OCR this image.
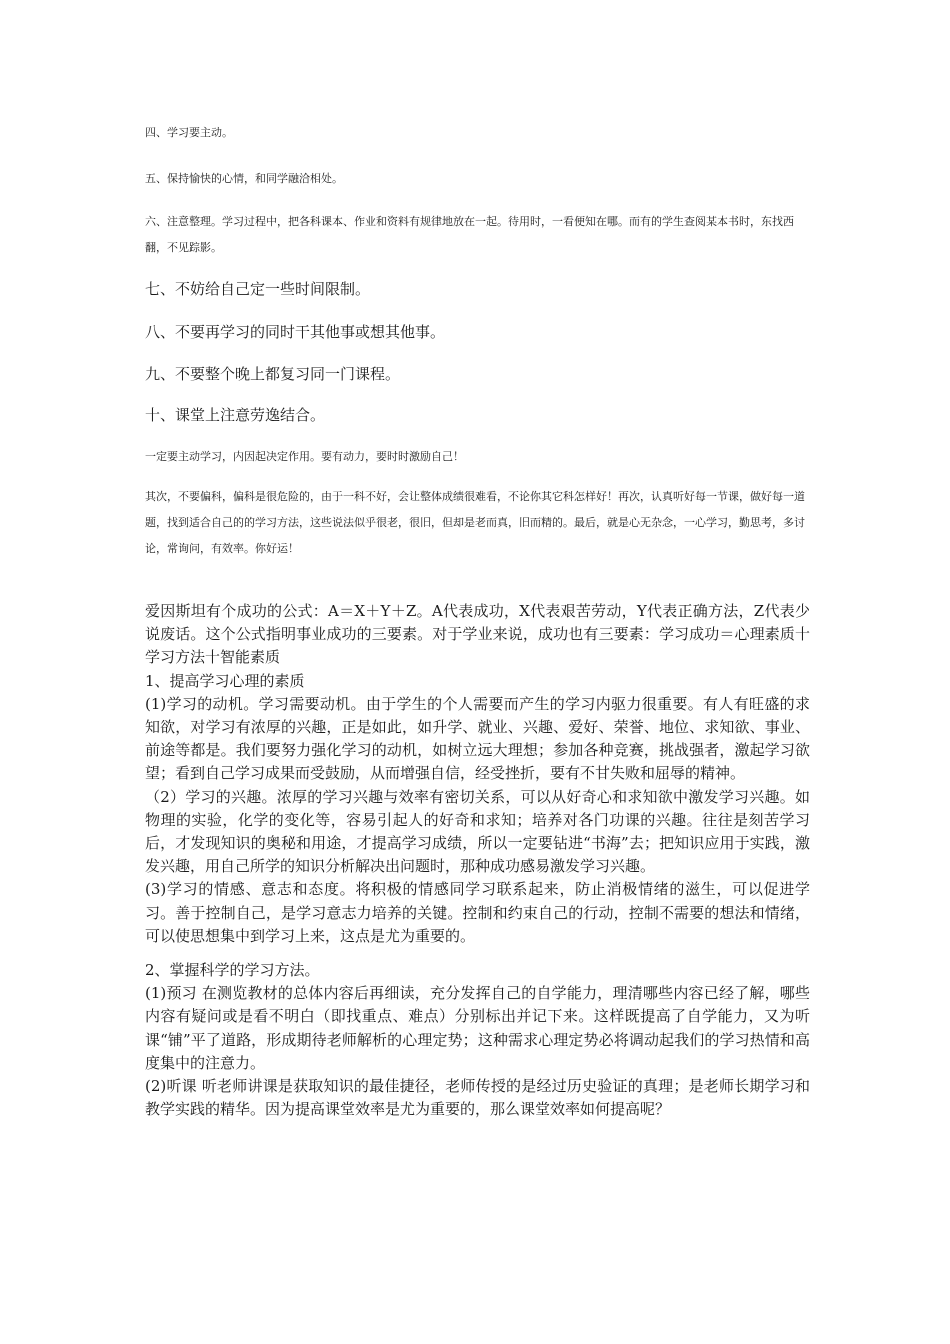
四、学习要主动。

五、保持愉快的心情，和同学融洽相处。

六、注意整理。学习过程中，把各科课本、作业和资料有规律地放在一起。待用时，一看便知在哪。而有的学生查阅某本书时，东找西翻，不见踪影。

七、不妨给自己定一些时间限制。

八、不要再学习的同时干其他事或想其他事。

九、不要整个晚上都复习同一门课程。

十、课堂上注意劳逸结合。

一定要主动学习，内因起决定作用。要有动力，要时时激励自己！

其次，不要偏科，偏科是很危险的，由于一科不好，会让整体成绩很难看，不论你其它科怎样好！再次，认真听好每一节课，做好每一道题，找到适合自己的的学习方法，这些说法似乎很老，很旧，但却是老而真，旧而精的。最后，就是心无杂念，一心学习，勤思考，多讨论，常询问，有效率。你好运！

爱因斯坦有个成功的公式：A＝X＋Y＋Z。A代表成功，X代表艰苦劳动，Y代表正确方法，Z代表少说废话。这个公式指明事业成功的三要素。对于学业来说，成功也有三要素：学习成功＝心理素质十学习方法十智能素质

1、提高学习心理的素质

(1)学习的动机。学习需要动机。由于学生的个人需要而产生的学习内驱力很重要。有人有旺盛的求知欲，对学习有浓厚的兴趣，正是如此，如升学、就业、兴趣、爱好、荣誉、地位、求知欲、事业、前途等都是。我们要努力强化学习的动机，如树立远大理想；参加各种竞赛，挑战强者，激起学习欲望；看到自己学习成果而受鼓励，从而增强自信，经受挫折，要有不甘失败和屈辱的精神。

（2）学习的兴趣。浓厚的学习兴趣与效率有密切关系，可以从好奇心和求知欲中激发学习兴趣。如物理的实验，化学的变化等，容易引起人的好奇和求知；培养对各门功课的兴趣。往往是刻苦学习后，才发现知识的奥秘和用途，才提高学习成绩，所以一定要钻进“书海”去；把知识应用于实践，激发兴趣，用自己所学的知识分析解决出问题时，那种成功感易激发学习兴趣。

(3)学习的情感、意志和态度。将积极的情感同学习联系起来，防止消极情绪的滋生，可以促进学习。善于控制自己，是学习意志力培养的关键。控制和约束自己的行动，控制不需要的想法和情绪，可以使思想集中到学习上来，这点是尤为重要的。

2、掌握科学的学习方法。

(1)预习 在测览教材的总体内容后再细读，充分发挥自己的自学能力，理清哪些内容已经了解，哪些内容有疑问或是看不明白（即找重点、难点）分别标出并记下来。这样既提高了自学能力，又为听课“铺”平了道路，形成期待老师解析的心理定势；这种需求心理定势必将调动起我们的学习热情和高度集中的注意力。

(2)听课 听老师讲课是获取知识的最佳捷径，老师传授的是经过历史验证的真理；是老师长期学习和教学实践的精华。因为提高课堂效率是尤为重要的，那么课堂效率如何提高呢？
